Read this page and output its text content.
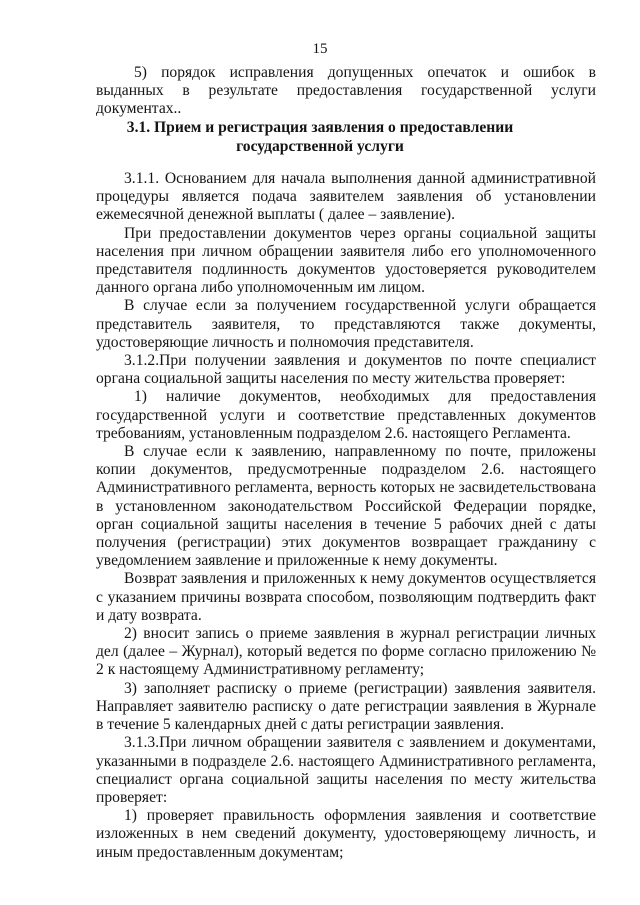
15

5) порядок исправления допущенных опечаток и ошибок в выданных в результате предоставления государственной услуги документах..

3.1. Прием и регистрация заявления о предоставлении государственной услуги

3.1.1. Основанием для начала выполнения данной административной процедуры является подача заявителем заявления об установлении ежемесячной денежной выплаты ( далее – заявление).

При предоставлении документов через органы социальной защиты населения при личном обращении заявителя либо его уполномоченного представителя подлинность документов удостоверяется руководителем данного органа либо уполномоченным им лицом.

В случае если за получением государственной услуги обращается представитель заявителя, то представляются также документы, удостоверяющие личность и полномочия представителя.

3.1.2.При получении заявления и документов по почте специалист органа социальной защиты населения по месту жительства проверяет:

1) наличие документов, необходимых для предоставления государственной услуги и соответствие представленных документов требованиям, установленным подразделом 2.6. настоящего Регламента.

В случае если к заявлению, направленному по почте, приложены копии документов, предусмотренные подразделом 2.6. настоящего Административного регламента, верность которых не засвидетельствована в установленном законодательством Российской Федерации порядке, орган социальной защиты населения в течение 5 рабочих дней с даты получения (регистрации) этих документов возвращает гражданину с уведомлением заявление и приложенные к нему документы.

Возврат заявления и приложенных к нему документов осуществляется с указанием причины возврата способом, позволяющим подтвердить факт и дату возврата.

2) вносит запись о приеме заявления в журнал регистрации личных дел (далее – Журнал), который ведется по форме согласно приложению № 2 к настоящему Административному регламенту;

3) заполняет расписку о приеме (регистрации) заявления заявителя. Направляет заявителю расписку о дате регистрации заявления в Журнале в течение 5 календарных дней с даты регистрации заявления.

3.1.3.При личном обращении заявителя с заявлением и документами, указанными в подразделе 2.6. настоящего Административного регламента, специалист органа социальной защиты населения по месту жительства проверяет:

1) проверяет правильность оформления заявления и соответствие изложенных в нем сведений документу, удостоверяющему личность, и иным предоставленным документам;
